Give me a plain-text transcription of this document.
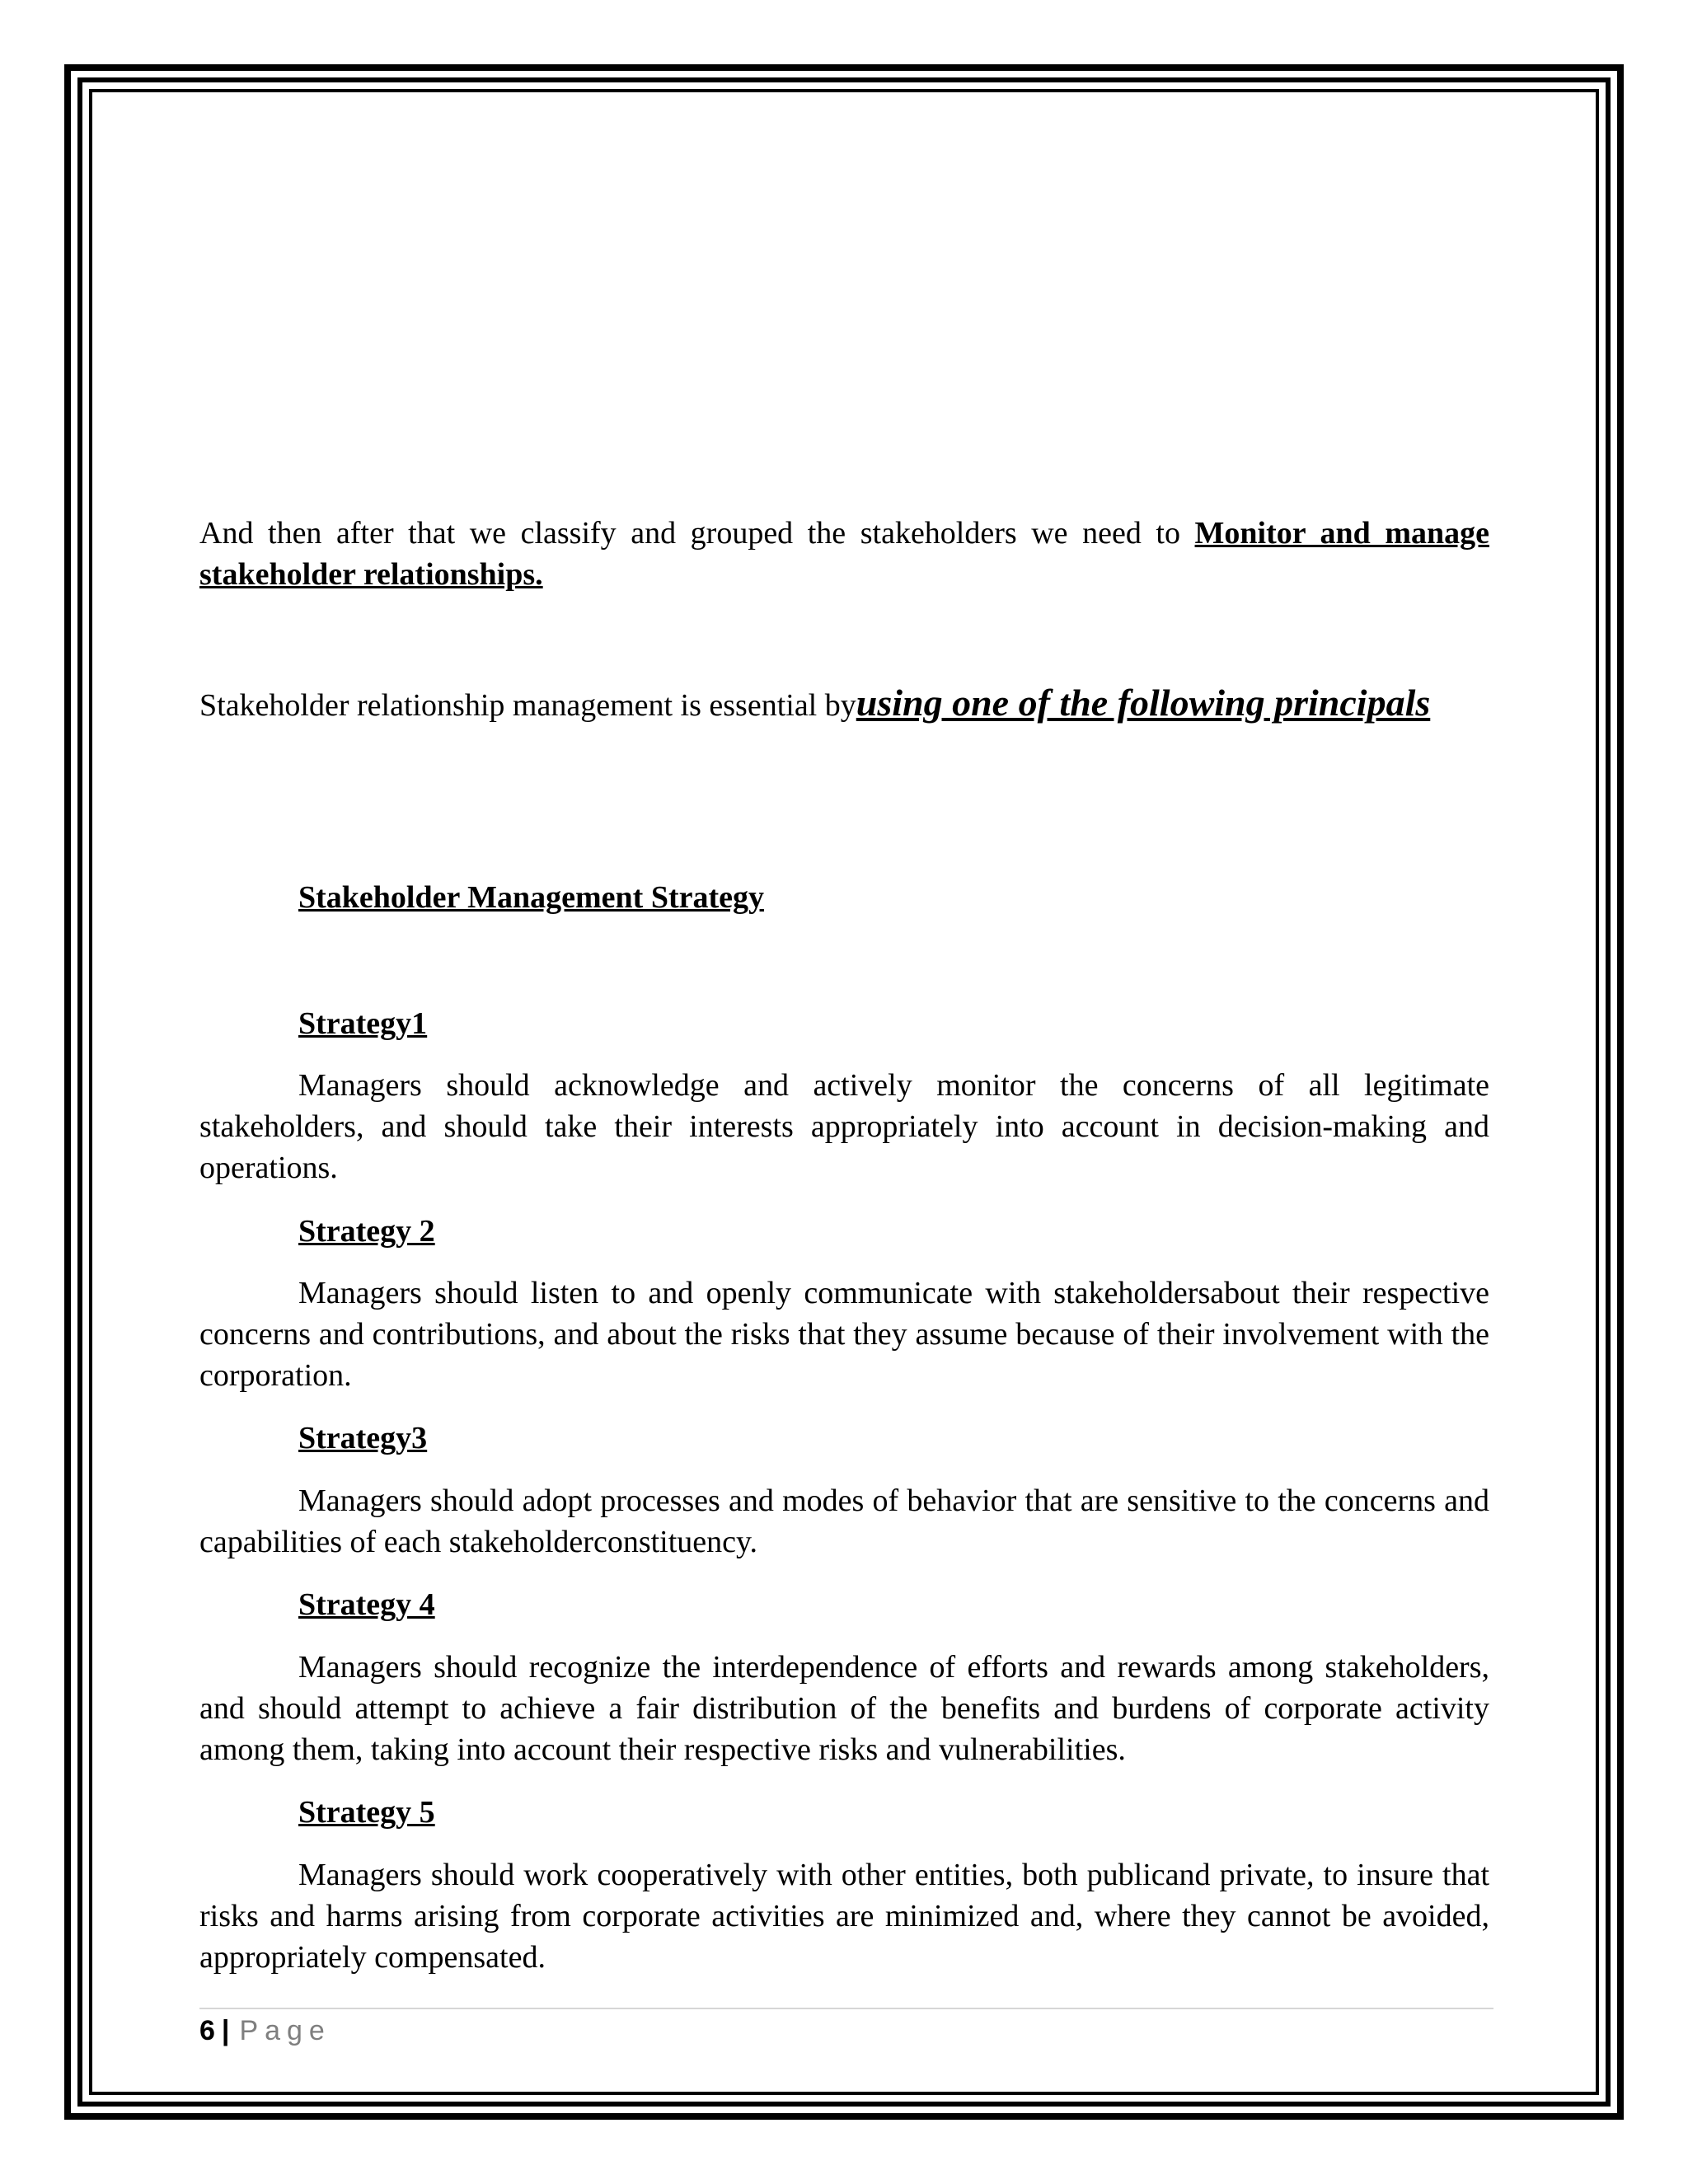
And then after that we classify and grouped the stakeholders we need to Monitor and manage stakeholder relationships.

Stakeholder relationship management is essential byusing one of the following principals

Stakeholder Management Strategy

Strategy1

Managers should acknowledge and actively monitor the concerns of all legitimate stakeholders, and should take their interests appropriately into account in decision-making and operations.

Strategy 2

Managers should listen to and openly communicate with stakeholdersabout their respective concerns and contributions, and about the risks that they assume because of their involvement with the corporation.

Strategy3

Managers should adopt processes and modes of behavior that are sensitive to the concerns and capabilities of each stakeholderconstituency.

Strategy 4

Managers should recognize the interdependence of efforts and rewards among stakeholders, and should attempt to achieve a fair distribution of the benefits and burdens of corporate activity among them, taking into account their respective risks and vulnerabilities.

Strategy 5

Managers should work cooperatively with other entities, both publicand private, to insure that risks and harms arising from corporate activities are minimized and, where they cannot be avoided, appropriately compensated.

6 | Page
